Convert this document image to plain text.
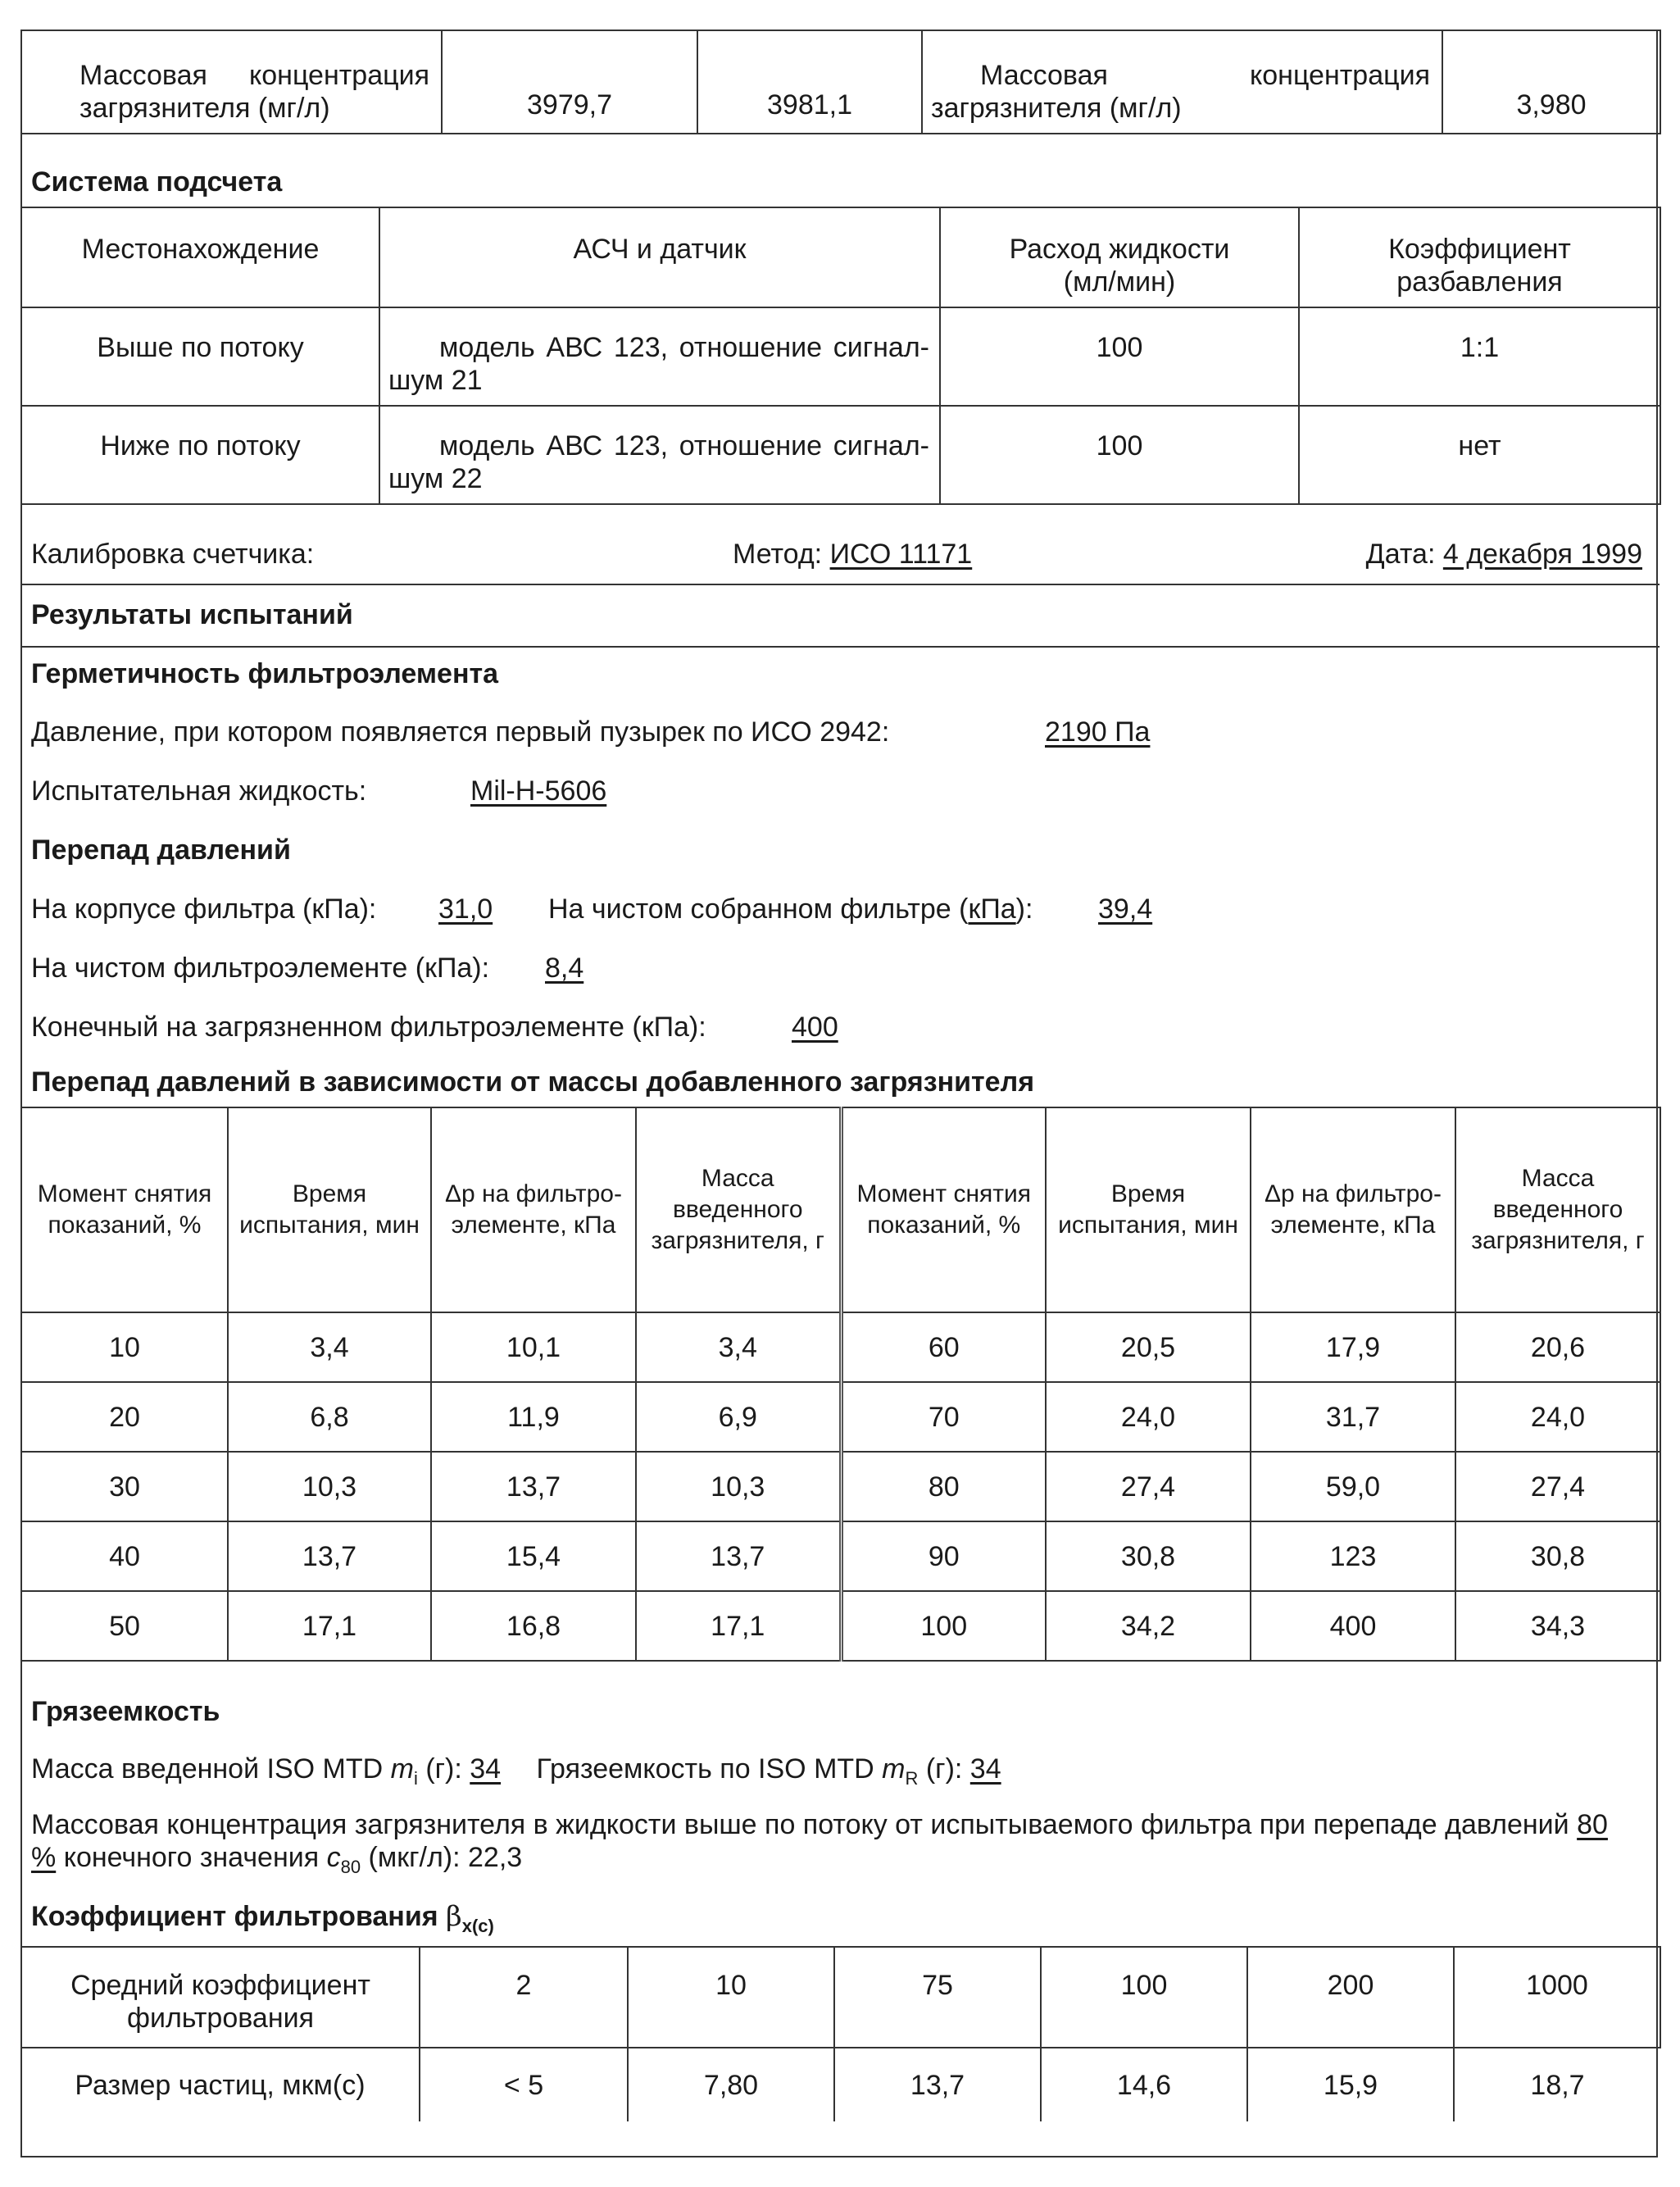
Массовая концентрация загрязнителя (мг/л)	3979,7	3981,1	Массовая концентрация загрязнителя (мг/л)	3,980
Система подсчета
Местонахождение	АСЧ и датчик	Расход жидкости (мл/мин)	Коэффициент разбавления
Выше по потоку	модель АВС 123, отношение сигнал-шум 21	100	1:1
Ниже по потоку	модель АВС 123, отношение сигнал-шум 22	100	нет
Калибровка счетчика:	Метод: ИСО 11171	Дата: 4 декабря 1999
Результаты испытаний
Герметичность фильтроэлемента
Давление, при котором появляется первый пузырек по ИСО 2942:	2190 Па
Испытательная жидкость:	Mil-H-5606
Перепад давлений
На корпусе фильтра (кПа): 31,0 На чистом собранном фильтре (кПа): 39,4
На чистом фильтроэлементе (кПа): 8,4
Конечный на загрязненном фильтроэлементе (кПа):	400
Перепад давлений в зависимости от массы добавленного загрязнителя
Момент снятия показаний, %	Время испытания, мин	Δp на фильтро-элементе, кПа	Масса введенного загрязнителя, г	Момент снятия показаний, %	Время испытания, мин	Δp на фильтро-элементе, кПа	Масса введенного загрязнителя, г
10	3,4	10,1	3,4	60	20,5	17,9	20,6
20	6,8	11,9	6,9	70	24,0	31,7	24,0
30	10,3	13,7	10,3	80	27,4	59,0	27,4
40	13,7	15,4	13,7	90	30,8	123	30,8
50	17,1	16,8	17,1	100	34,2	400	34,3
Грязеемкость
Масса введенной ISO MTD $m_i$ (г): 34 Грязеемкость по ISO MTD $m_R$ (г): 34
Массовая концентрация загрязнителя в жидкости выше по потоку от испытываемого фильтра при перепаде давлений 80 % конечного значения $c_{80}$ (мкг/л): 22,3
Коэффициент фильтрования $\beta_{x(c)}$
Средний коэффициент фильтрования	2	10	75	100	200	1000
Размер частиц, мкм(с)	< 5	7,80	13,7	14,6	15,9	18,7
